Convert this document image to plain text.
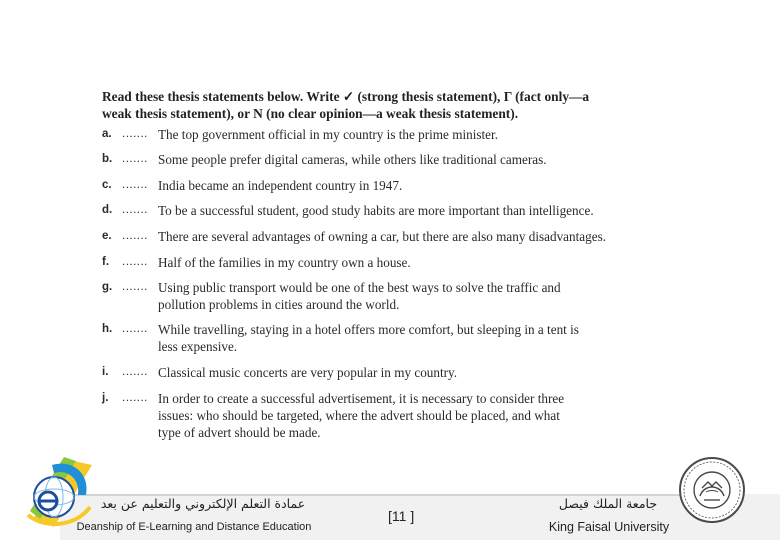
Read these thesis statements below. Write ✓ (strong thesis statement), Γ (fact only—a
weak thesis statement), or N (no clear opinion—a weak thesis statement).
a. ....... The top government official in my country is the prime minister.
b. ....... Some people prefer digital cameras, while others like traditional cameras.
c. ....... India became an independent country in 1947.
d. ....... To be a successful student, good study habits are more important than intelligence.
e. ....... There are several advantages of owning a car, but there are also many disadvantages.
f. ....... Half of the families in my country own a house.
g. ....... Using public transport would be one of the best ways to solve the traffic and
pollution problems in cities around the world.
h. ....... While travelling, staying in a hotel offers more comfort, but sleeping in a tent is
less expensive.
i. ....... Classical music concerts are very popular in my country.
j. ....... In order to create a successful advertisement, it is necessary to consider three
issues: who should be targeted, where the advert should be placed, and what
type of advert should be made.
عمادة التعلم الإلكتروني والتعليم عن بعد
Deanship of E-Learning and Distance Education
[11 ]
جامعة الملك فيصل
King Faisal University
